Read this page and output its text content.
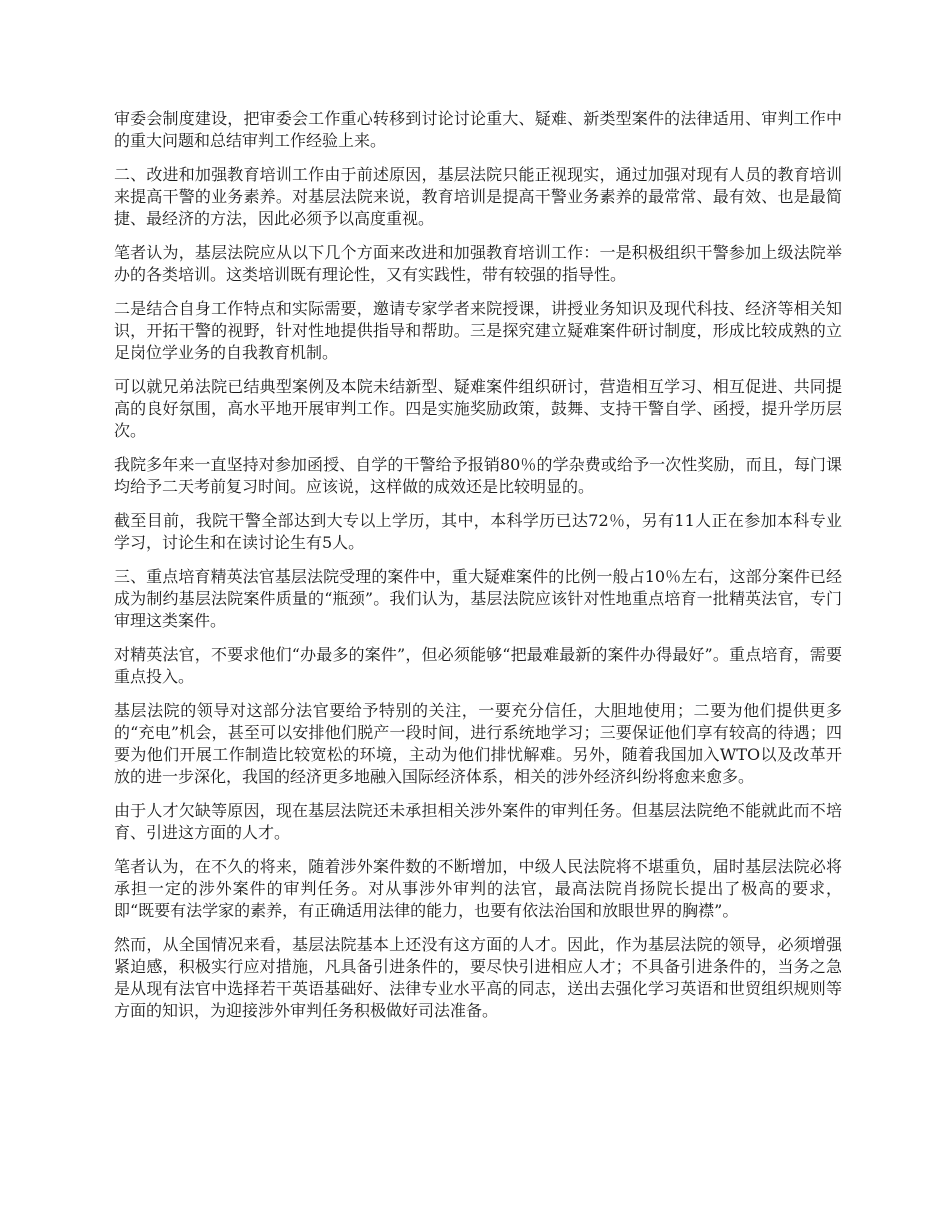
审委会制度建设，把审委会工作重心转移到讨论讨论重大、疑难、新类型案件的法律适用、审判工作中的重大问题和总结审判工作经验上来。

二、改进和加强教育培训工作由于前述原因，基层法院只能正视现实，通过加强对现有人员的教育培训来提高干警的业务素养。对基层法院来说，教育培训是提高干警业务素养的最常常、最有效、也是最简捷、最经济的方法，因此必须予以高度重视。

笔者认为，基层法院应从以下几个方面来改进和加强教育培训工作：一是积极组织干警参加上级法院举办的各类培训。这类培训既有理论性，又有实践性，带有较强的指导性。

二是结合自身工作特点和实际需要，邀请专家学者来院授课，讲授业务知识及现代科技、经济等相关知识，开拓干警的视野，针对性地提供指导和帮助。三是探究建立疑难案件研讨制度，形成比较成熟的立足岗位学业务的自我教育机制。

可以就兄弟法院已结典型案例及本院未结新型、疑难案件组织研讨，营造相互学习、相互促进、共同提高的良好氛围，高水平地开展审判工作。四是实施奖励政策，鼓舞、支持干警自学、函授，提升学历层次。

我院多年来一直坚持对参加函授、自学的干警给予报销80％的学杂费或给予一次性奖励，而且，每门课均给予二天考前复习时间。应该说，这样做的成效还是比较明显的。

截至目前，我院干警全部达到大专以上学历，其中，本科学历已达72％，另有11人正在参加本科专业学习，讨论生和在读讨论生有5人。

三、重点培育精英法官基层法院受理的案件中，重大疑难案件的比例一般占10％左右，这部分案件已经成为制约基层法院案件质量的“瓶颈”。我们认为，基层法院应该针对性地重点培育一批精英法官，专门审理这类案件。

对精英法官，不要求他们“办最多的案件”，但必须能够“把最难最新的案件办得最好”。重点培育，需要重点投入。

基层法院的领导对这部分法官要给予特别的关注，一要充分信任，大胆地使用；二要为他们提供更多的“充电”机会，甚至可以安排他们脱产一段时间，进行系统地学习；三要保证他们享有较高的待遇；四要为他们开展工作制造比较宽松的环境，主动为他们排忧解难。另外，随着我国加入WTO以及改革开放的进一步深化，我国的经济更多地融入国际经济体系，相关的涉外经济纠纷将愈来愈多。

由于人才欠缺等原因，现在基层法院还未承担相关涉外案件的审判任务。但基层法院绝不能就此而不培育、引进这方面的人才。

笔者认为，在不久的将来，随着涉外案件数的不断增加，中级人民法院将不堪重负，届时基层法院必将承担一定的涉外案件的审判任务。对从事涉外审判的法官，最高法院肖扬院长提出了极高的要求，即“既要有法学家的素养，有正确适用法律的能力，也要有依法治国和放眼世界的胸襟”。

然而，从全国情况来看，基层法院基本上还没有这方面的人才。因此，作为基层法院的领导，必须增强紧迫感，积极实行应对措施，凡具备引进条件的，要尽快引进相应人才；不具备引进条件的，当务之急是从现有法官中选择若干英语基础好、法律专业水平高的同志，送出去强化学习英语和世贸组织规则等方面的知识，为迎接涉外审判任务积极做好司法准备。
